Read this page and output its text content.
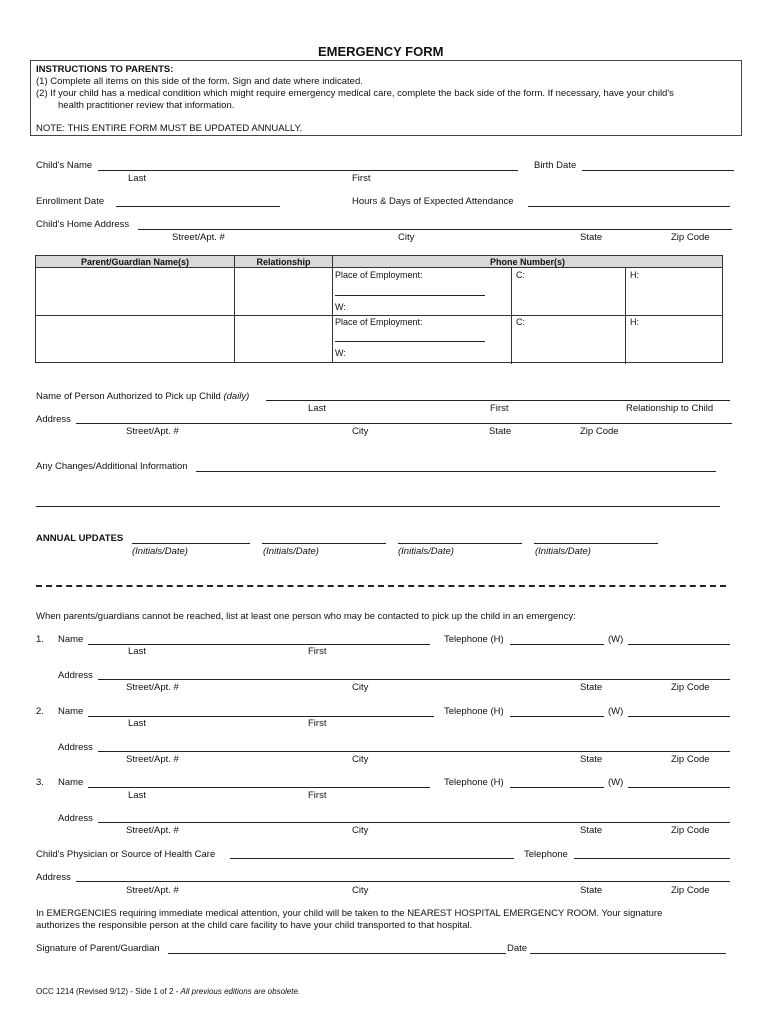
EMERGENCY FORM
INSTRUCTIONS TO PARENTS:
(1) Complete all items on this side of the form. Sign and date where indicated.
(2) If your child has a medical condition which might require emergency medical care, complete the back side of the form. If necessary, have your child's
health practitioner review that information.
NOTE: THIS ENTIRE FORM MUST BE UPDATED ANNUALLY.
Child's Name
Last	First
Birth Date
Enrollment Date	Hours & Days of Expected Attendance
Child's Home Address
Street/Apt. #	City	State	Zip Code
Parent/Guardian Name(s)	Relationship	Phone Number(s)

		Place of Employment:
W:
C: H:

		Place of Employment:
W:
C: H:
Name of Person Authorized to Pick up Child (daily)
Last	First	Relationship to Child
Address
Street/Apt. #	City	State	Zip Code
Any Changes/Additional Information
ANNUAL UPDATES
(Initials/Date)	(Initials/Date)	(Initials/Date)	(Initials/Date)
When parents/guardians cannot be reached, list at least one person who may be contacted to pick up the child in an emergency:
1. Name	Telephone (H)	(W)
Last	First
Address
Street/Apt. #	City	State	Zip Code
2. Name	Telephone (H)	(W)
Last	First
Address
Street/Apt. #	City	State	Zip Code
3. Name	Telephone (H)	(W)
Last	First
Address
Street/Apt. #	City	State	Zip Code
Child's Physician or Source of Health Care	Telephone
Address
Street/Apt. #	City	State	Zip Code
In EMERGENCIES requiring immediate medical attention, your child will be taken to the NEAREST HOSPITAL EMERGENCY ROOM. Your signature
authorizes the responsible person at the child care facility to have your child transported to that hospital.
Signature of Parent/Guardian	Date
OCC 1214 (Revised 9/12) - Side 1 of 2 - All previous editions are obsolete.
